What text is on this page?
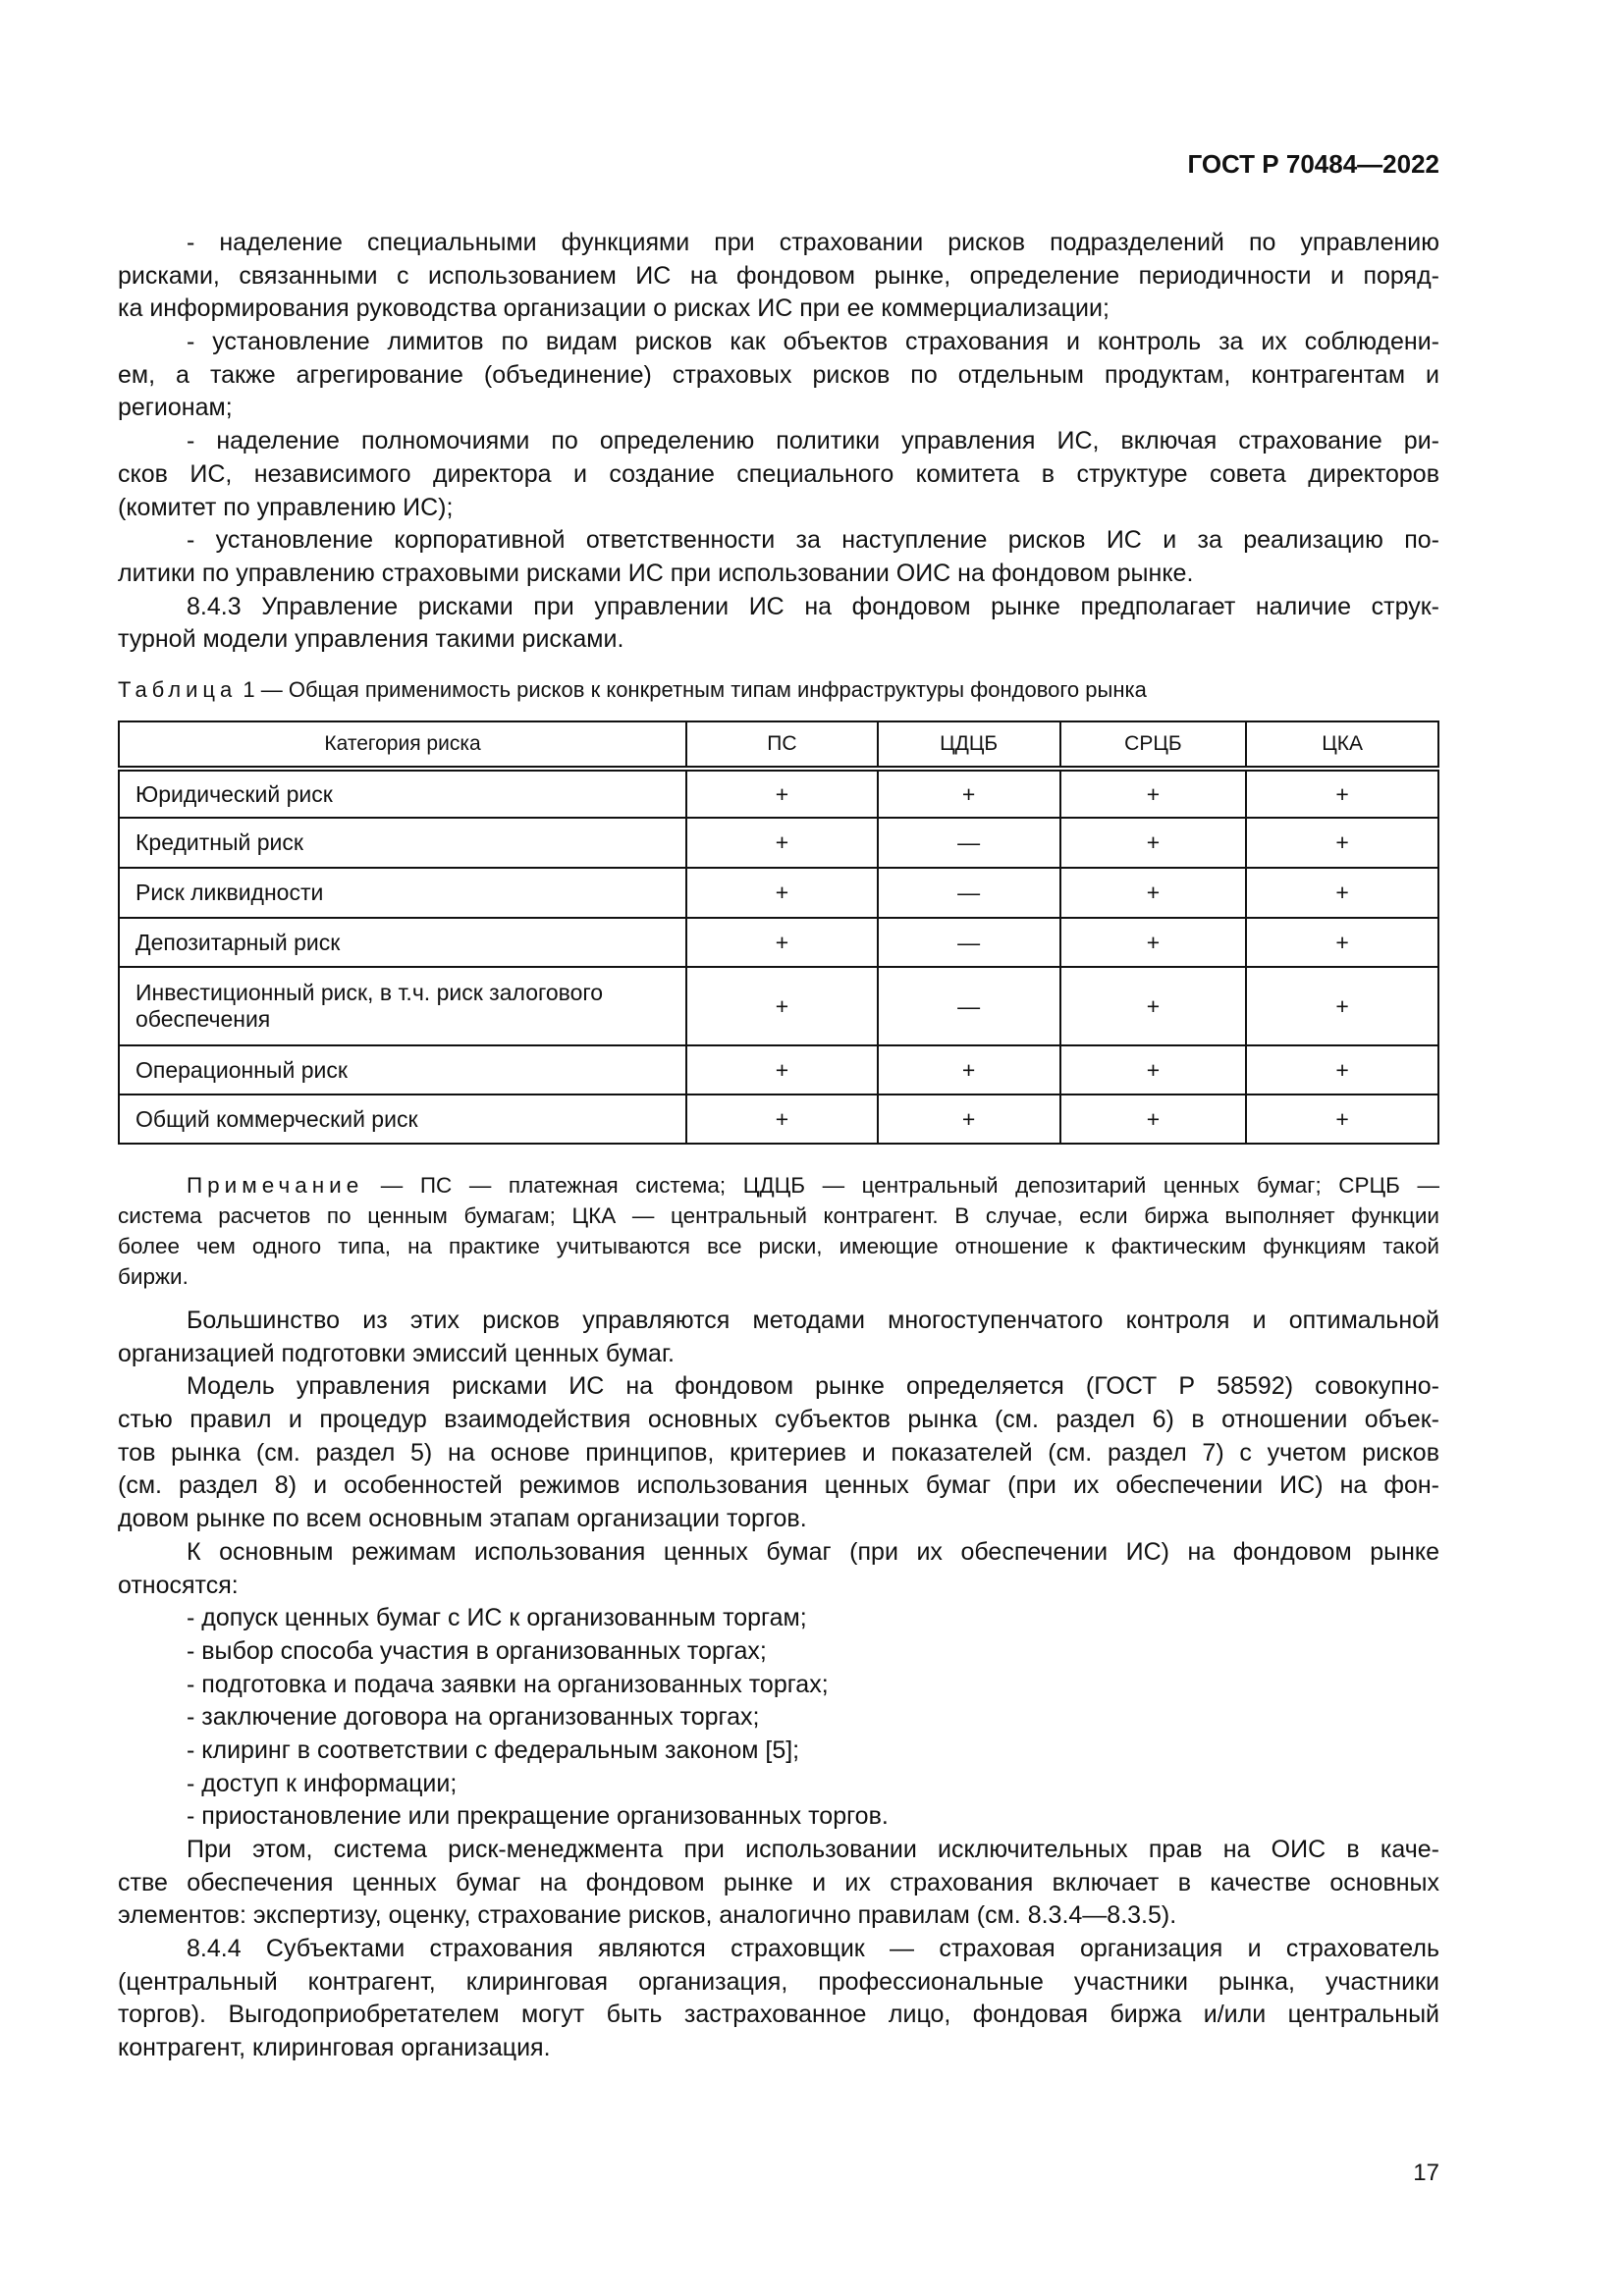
ГОСТ Р 70484—2022
- наделение специальными функциями при страховании рисков подразделений по управлению
рисками, связанными с использованием ИС на фондовом рынке, определение периодичности и поряд-
ка информирования руководства организации о рисках ИС при ее коммерциализации;
- установление лимитов по видам рисков как объектов страхования и контроль за их соблюдени-
ем, а также агрегирование (объединение) страховых рисков по отдельным продуктам, контрагентам и
регионам;
- наделение полномочиями по определению политики управления ИС, включая страхование ри-
сков ИС, независимого директора и создание специального комитета в структуре совета директоров
(комитет по управлению ИС);
- установление корпоративной ответственности за наступление рисков ИС и за реализацию по-
литики по управлению страховыми рисками ИС при использовании ОИС на фондовом рынке.
8.4.3 Управление рисками при управлении ИС на фондовом рынке предполагает наличие струк-
турной модели управления такими рисками.
Таблица 1 — Общая применимость рисков к конкретным типам инфраструктуры фондового рынка
Категория риска	ПС	ЦДЦБ	СРЦБ	ЦКА
Юридический риск	+	+	+	+
Кредитный риск	+	—	+	+
Риск ликвидности	+	—	+	+
Депозитарный риск	+	—	+	+
Инвестиционный риск, в т.ч. риск залогового обеспечения	+	—	+	+
Операционный риск	+	+	+	+
Общий коммерческий риск	+	+	+	+
Примечание — ПС — платежная система; ЦДЦБ — центральный депозитарий ценных бумаг; СРЦБ —
система расчетов по ценным бумагам; ЦКА — центральный контрагент. В случае, если биржа выполняет функции
более чем одного типа, на практике учитываются все риски, имеющие отношение к фактическим функциям такой
биржи.
Большинство из этих рисков управляются методами многоступенчатого контроля и оптимальной
организацией подготовки эмиссий ценных бумаг.
Модель управления рисками ИС на фондовом рынке определяется (ГОСТ Р 58592) совокупно-
стью правил и процедур взаимодействия основных субъектов рынка (см. раздел 6) в отношении объек-
тов рынка (см. раздел 5) на основе принципов, критериев и показателей (см. раздел 7) с учетом рисков
(см. раздел 8) и особенностей режимов использования ценных бумаг (при их обеспечении ИС) на фон-
довом рынке по всем основным этапам организации торгов.
К основным режимам использования ценных бумаг (при их обеспечении ИС) на фондовом рынке
относятся:
- допуск ценных бумаг с ИС к организованным торгам;
- выбор способа участия в организованных торгах;
- подготовка и подача заявки на организованных торгах;
- заключение договора на организованных торгах;
- клиринг в соответствии с федеральным законом [5];
- доступ к информации;
- приостановление или прекращение организованных торгов.
При этом, система риск-менеджмента при использовании исключительных прав на ОИС в каче-
стве обеспечения ценных бумаг на фондовом рынке и их страхования включает в качестве основных
элементов: экспертизу, оценку, страхование рисков, аналогично правилам (см. 8.3.4—8.3.5).
8.4.4 Субъектами страхования являются страховщик — страховая организация и страхователь
(центральный контрагент, клиринговая организация, профессиональные участники рынка, участники
торгов). Выгодоприобретателем могут быть застрахованное лицо, фондовая биржа и/или центральный
контрагент, клиринговая организация.
17
